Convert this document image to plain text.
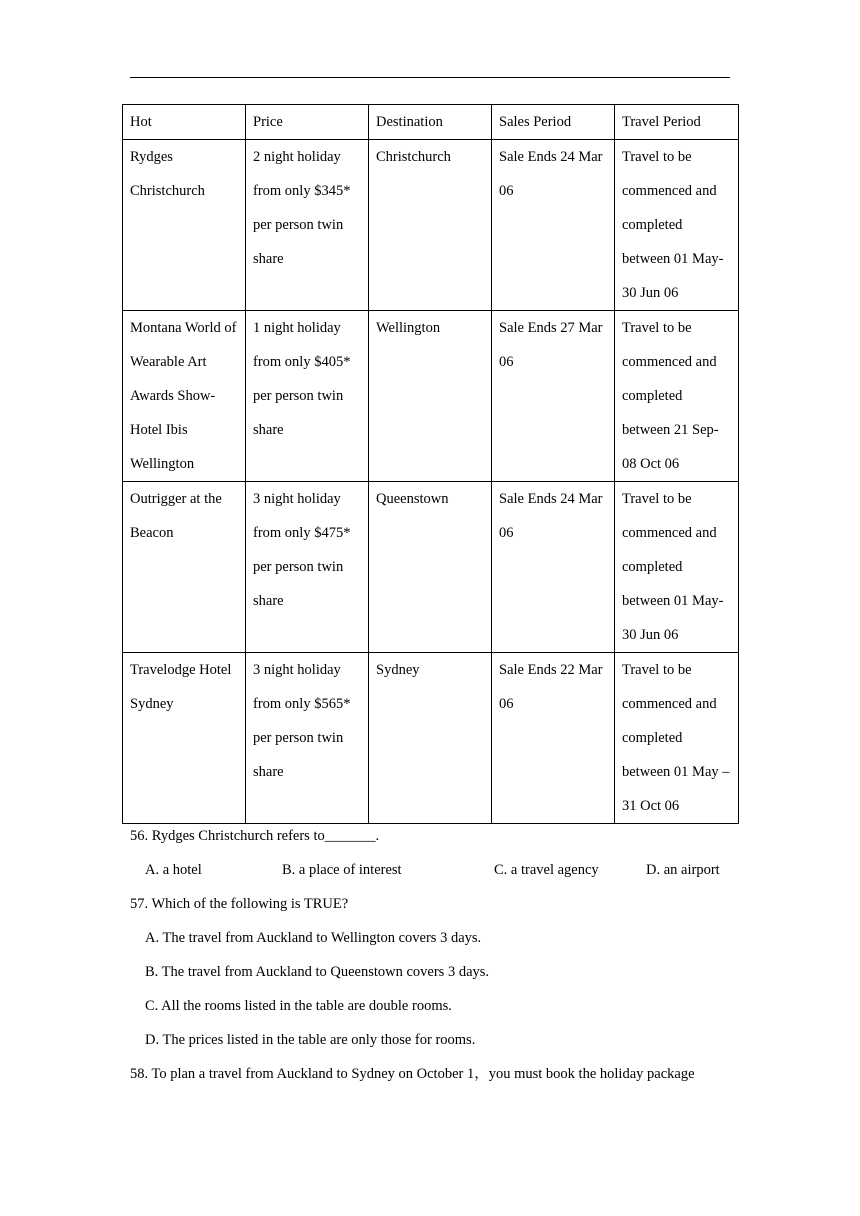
Hot	Price	Destination	Sales Period	Travel Period
Rydges Christchurch	2 night holiday from only $345* per person twin share	Christchurch	Sale Ends 24 Mar 06	Travel to be commenced and completed between 01 May-30 Jun 06
Montana World of Wearable Art Awards Show-Hotel Ibis Wellington	1 night holiday from only $405* per person twin share	Wellington	Sale Ends 27 Mar 06	Travel to be commenced and completed between 21 Sep-08 Oct 06
Outrigger at the Beacon	3 night holiday from only $475* per person twin share	Queenstown	Sale Ends 24 Mar 06	Travel to be commenced and completed between 01 May-30 Jun 06
Travelodge Hotel Sydney	3 night holiday from only $565* per person twin share	Sydney	Sale Ends 22 Mar 06	Travel to be commenced and completed between 01 May –31 Oct 06
56. Rydges Christchurch refers to_______.
A. a hotel	B. a place of interest	C. a travel agency	D. an airport
57. Which of the following is TRUE?
A. The travel from Auckland to Wellington covers 3 days.
B. The travel from Auckland to Queenstown covers 3 days.
C. All the rooms listed in the table are double rooms.
D. The prices listed in the table are only those for rooms.
58. To plan a travel from Auckland to Sydney on October 1，you must book the holiday package
